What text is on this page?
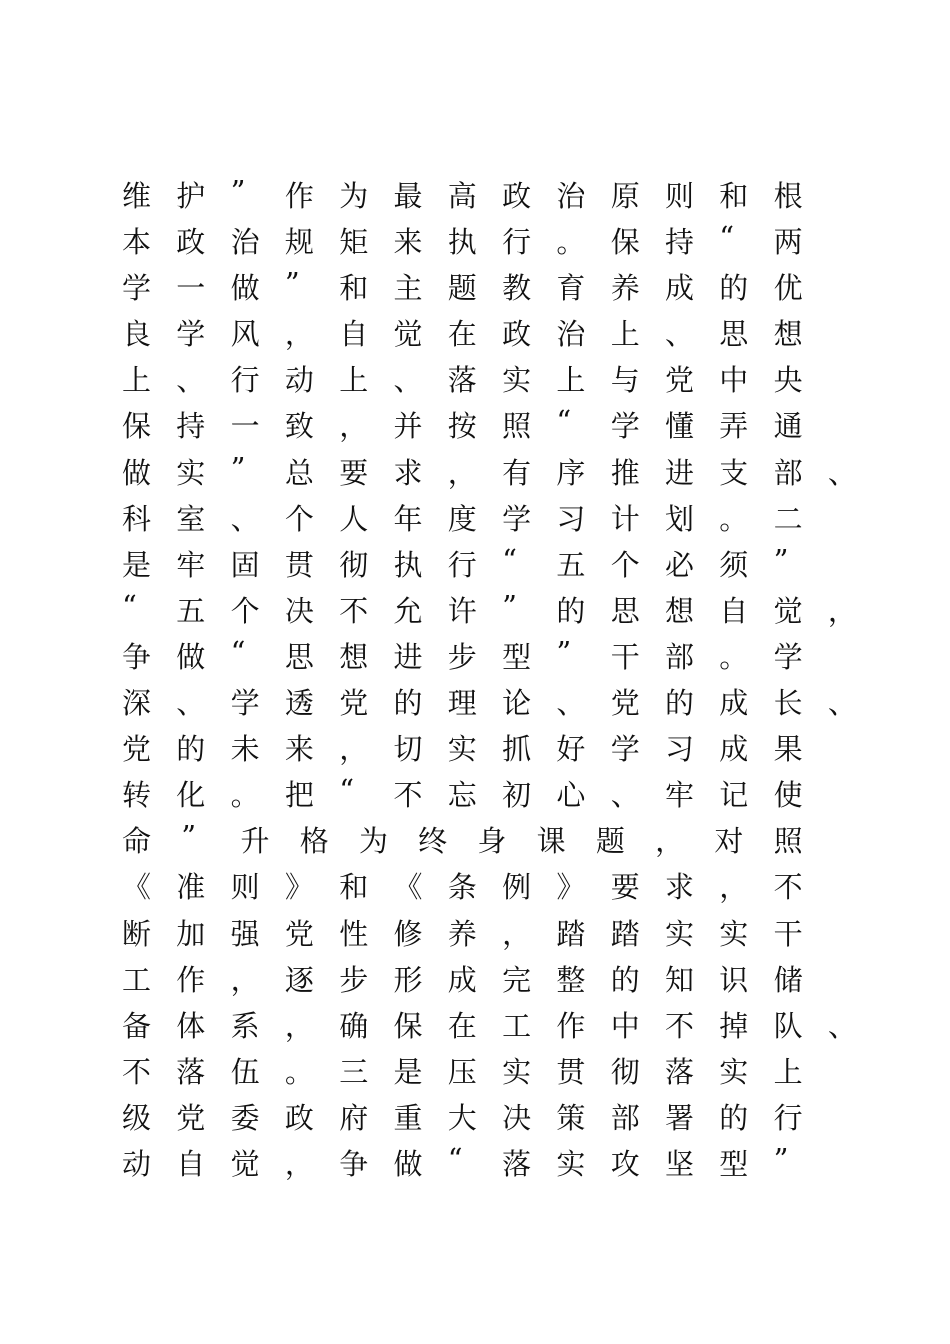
维 护 ” 作 为 最 高 政 治 原 则 和 根
本 政 治 规 矩 来 执 行 。 保 持 “ 两
学 一 做 ” 和 主 题 教 育 养 成 的 优
良 学 风 ， 自 觉 在 政 治 上 、 思 想
上 、 行 动 上 、 落 实 上 与 党 中 央
保 持 一 致 ， 并 按 照 “ 学 懂 弄 通
做 实 ” 总 要 求 ， 有 序 推 进 支 部 、
科 室 、 个 人 年 度 学 习 计 划 。 二
是 牢 固 贯 彻 执 行 “ 五 个 必 须 ”
“ 五 个 决 不 允 许 ” 的 思 想 自 觉 ，
争 做 “ 思 想 进 步 型 ” 干 部 。 学
深 、 学 透 党 的 理 论 、 党 的 成 长 、
党 的 未 来 ， 切 实 抓 好 学 习 成 果
转 化 。 把 “ 不 忘 初 心 、 牢 记 使
命 ” 升 格 为 终 身 课 题 ， 对 照
《 准 则 》 和 《 条 例 》 要 求 ， 不
断 加 强 党 性 修 养 ， 踏 踏 实 实 干
工 作 ， 逐 步 形 成 完 整 的 知 识 储
备 体 系 ， 确 保 在 工 作 中 不 掉 队 、
不 落 伍 。 三 是 压 实 贯 彻 落 实 上
级 党 委 政 府 重 大 决 策 部 署 的 行
动 自 觉 ， 争 做 “ 落 实 攻 坚 型 ”
